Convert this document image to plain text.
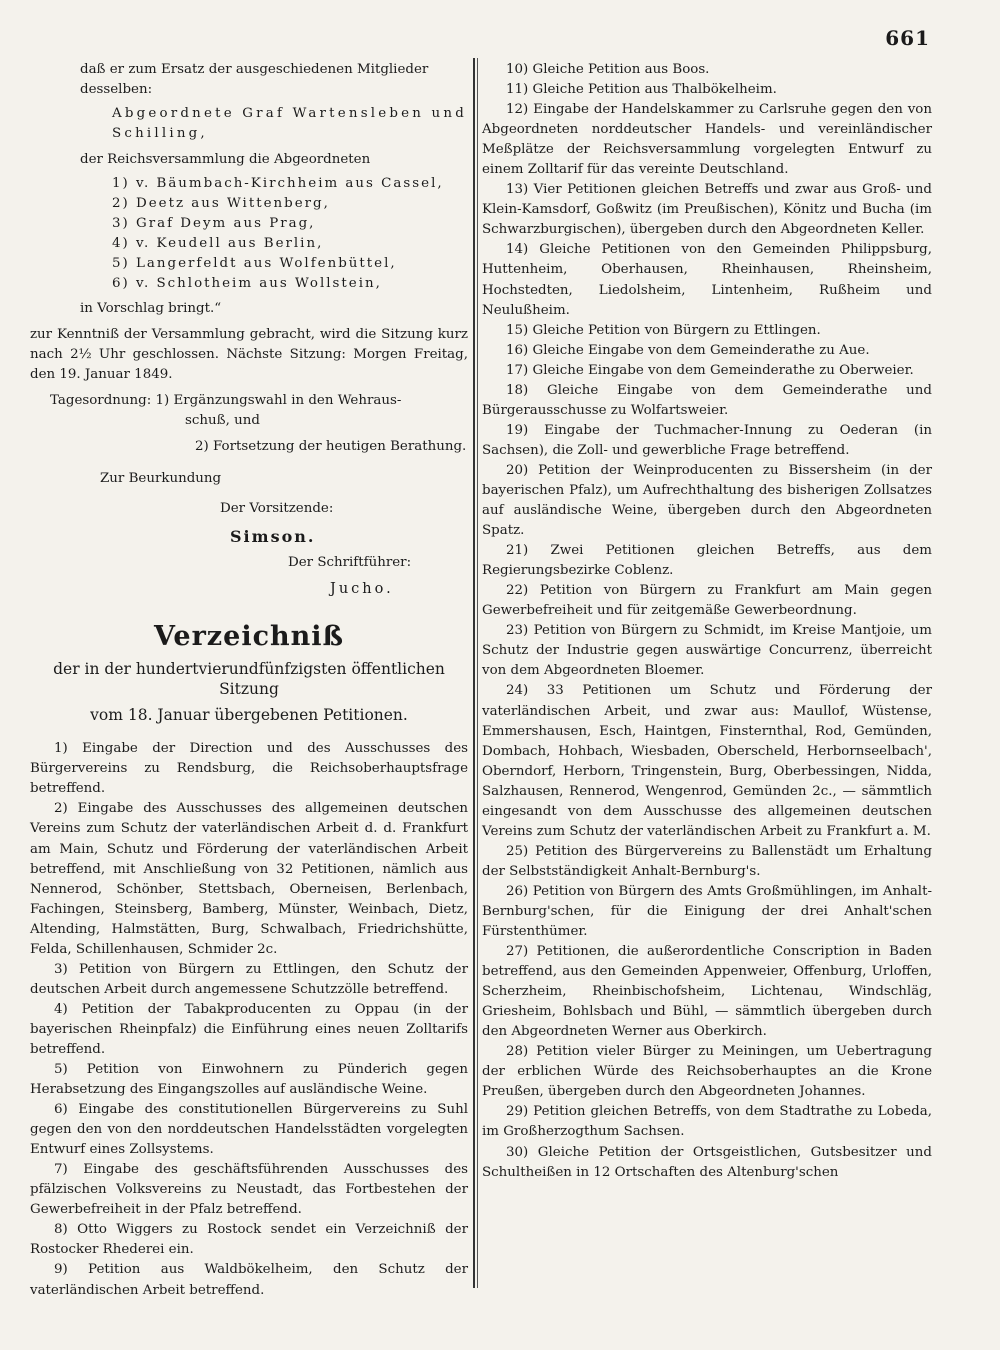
661

daß er zum Ersatz der ausgeschiedenen Mitglieder

desselben:

Abgeordnete Graf Wartensleben und

Schilling,

der Reichsversammlung die Abgeordneten

1) v. Bäumbach-Kirchheim aus Cassel,

2) Deetz aus Wittenberg,

3) Graf Deym aus Prag,

4) v. Keudell aus Berlin,

5) Langerfeldt aus Wolfenbüttel,

6) v. Schlotheim aus Wollstein,

in Vorschlag bringt.“

zur Kenntniß der Versammlung gebracht, wird die Sitzung kurz nach 2½ Uhr geschlossen. Nächste Sitzung: Morgen Freitag, den 19. Januar 1849.

Tagesordnung: 1) Ergänzungswahl in den Wehraus-

schuß, und

2) Fortsetzung der heutigen Berathung.

Zur Beurkundung

Der Vorsitzende:

Simson.

Der Schriftführer:

Jucho.

Verzeichniß
der in der hundertvierundfünfzigsten öffentlichen Sitzung
vom 18. Januar übergebenen Petitionen.

1) Eingabe der Direction und des Ausschusses des Bürgervereins zu Rendsburg, die Reichsoberhauptsfrage betreffend.

2) Eingabe des Ausschusses des allgemeinen deutschen Vereins zum Schutz der vaterländischen Arbeit d. d. Frankfurt am Main, Schutz und Förderung der vaterländischen Arbeit betreffend, mit Anschließung von 32 Petitionen, nämlich aus Nennerod, Schönber, Stettsbach, Oberneisen, Berlenbach, Fachingen, Steinsberg, Bamberg, Münster, Weinbach, Dietz, Altending, Halmstätten, Burg, Schwalbach, Friedrichshütte, Felda, Schillenhausen, Schmider 2c.

3) Petition von Bürgern zu Ettlingen, den Schutz der deutschen Arbeit durch angemessene Schutzzölle betreffend.

4) Petition der Tabakproducenten zu Oppau (in der bayerischen Rheinpfalz) die Einführung eines neuen Zolltarifs betreffend.

5) Petition von Einwohnern zu Pünderich gegen Herabsetzung des Eingangszolles auf ausländische Weine.

6) Eingabe des constitutionellen Bürgervereins zu Suhl gegen den von den norddeutschen Handelsstädten vorgelegten Entwurf eines Zollsystems.

7) Eingabe des geschäftsführenden Ausschusses des pfälzischen Volksvereins zu Neustadt, das Fortbestehen der Gewerbefreiheit in der Pfalz betreffend.

8) Otto Wiggers zu Rostock sendet ein Verzeichniß der Rostocker Rhederei ein.

9) Petition aus Waldbökelheim, den Schutz der vaterländischen Arbeit betreffend.

10) Gleiche Petition aus Boos.

11) Gleiche Petition aus Thalbökelheim.

12) Eingabe der Handelskammer zu Carlsruhe gegen den von Abgeordneten norddeutscher Handels- und vereinländischer Meßplätze der Reichsversammlung vorgelegten Entwurf zu einem Zolltarif für das vereinte Deutschland.

13) Vier Petitionen gleichen Betreffs und zwar aus Groß- und Klein-Kamsdorf, Goßwitz (im Preußischen), Könitz und Bucha (im Schwarzburgischen), übergeben durch den Abgeordneten Keller.

14) Gleiche Petitionen von den Gemeinden Philippsburg, Huttenheim, Oberhausen, Rheinhausen, Rheinsheim, Hochstedten, Liedolsheim, Lintenheim, Rußheim und Neulußheim.

15) Gleiche Petition von Bürgern zu Ettlingen.

16) Gleiche Eingabe von dem Gemeinderathe zu Aue.

17) Gleiche Eingabe von dem Gemeinderathe zu Oberweier.

18) Gleiche Eingabe von dem Gemeinderathe und Bürgerausschusse zu Wolfartsweier.

19) Eingabe der Tuchmacher-Innung zu Oederan (in Sachsen), die Zoll- und gewerbliche Frage betreffend.

20) Petition der Weinproducenten zu Bissersheim (in der bayerischen Pfalz), um Aufrechthaltung des bisherigen Zollsatzes auf ausländische Weine, übergeben durch den Abgeordneten Spatz.

21) Zwei Petitionen gleichen Betreffs, aus dem Regierungsbezirke Coblenz.

22) Petition von Bürgern zu Frankfurt am Main gegen Gewerbefreiheit und für zeitgemäße Gewerbeordnung.

23) Petition von Bürgern zu Schmidt, im Kreise Mantjoie, um Schutz der Industrie gegen auswärtige Concurrenz, überreicht von dem Abgeordneten Bloemer.

24) 33 Petitionen um Schutz und Förderung der vaterländischen Arbeit, und zwar aus: Maullof, Wüstense, Emmershausen, Esch, Haintgen, Finsternthal, Rod, Gemünden, Dombach, Hohbach, Wiesbaden, Oberscheld, Herbornseelbach', Oberndorf, Herborn, Tringenstein, Burg, Oberbessingen, Nidda, Salzhausen, Rennerod, Wengenrod, Gemünden 2c., — sämmtlich eingesandt von dem Ausschusse des allgemeinen deutschen Vereins zum Schutz der vaterländischen Arbeit zu Frankfurt a. M.

25) Petition des Bürgervereins zu Ballenstädt um Erhaltung der Selbstständigkeit Anhalt-Bernburg's.

26) Petition von Bürgern des Amts Großmühlingen, im Anhalt-Bernburg'schen, für die Einigung der drei Anhalt'schen Fürstenthümer.

27) Petitionen, die außerordentliche Conscription in Baden betreffend, aus den Gemeinden Appenweier, Offenburg, Urloffen, Scherzheim, Rheinbischofsheim, Lichtenau, Windschläg, Griesheim, Bohlsbach und Bühl, — sämmtlich übergeben durch den Abgeordneten Werner aus Oberkirch.

28) Petition vieler Bürger zu Meiningen, um Uebertragung der erblichen Würde des Reichsoberhauptes an die Krone Preußen, übergeben durch den Abgeordneten Johannes.

29) Petition gleichen Betreffs, von dem Stadtrathe zu Lobeda, im Großherzogthum Sachsen.

30) Gleiche Petition der Ortsgeistlichen, Gutsbesitzer und Schultheißen in 12 Ortschaften des Altenburg'schen
